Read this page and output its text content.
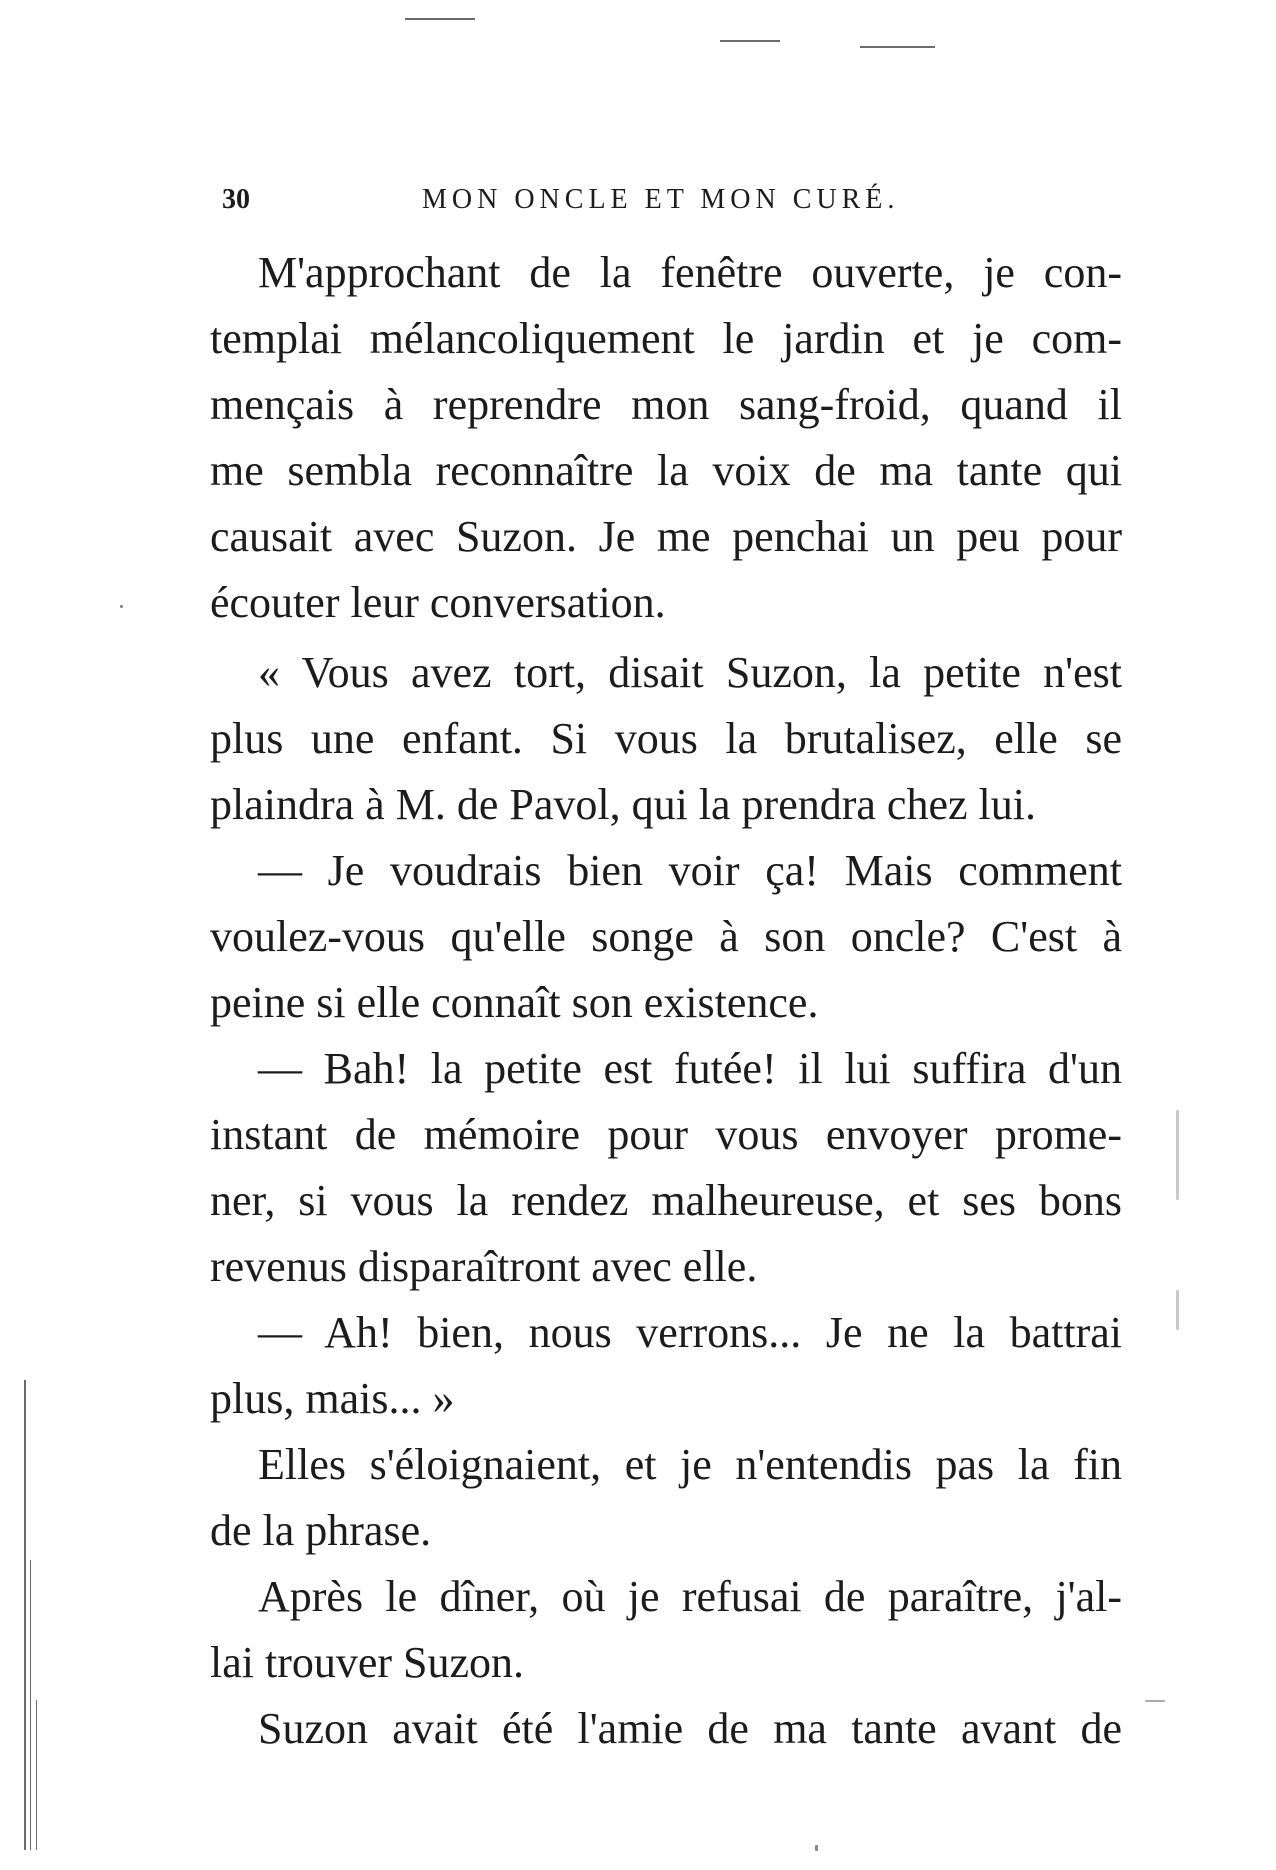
30	MON ONCLE ET MON CURÉ.
M'approchant de la fenêtre ouverte, je con-
templai mélancoliquement le jardin et je com-
mençais à reprendre mon sang-froid, quand il
me sembla reconnaître la voix de ma tante qui
causait avec Suzon. Je me penchai un peu pour
écouter leur conversation.
« Vous avez tort, disait Suzon, la petite n'est
plus une enfant. Si vous la brutalisez, elle se
plaindra à M. de Pavol, qui la prendra chez lui.
— Je voudrais bien voir ça! Mais comment
voulez-vous qu'elle songe à son oncle? C'est à
peine si elle connaît son existence.
— Bah! la petite est futée! il lui suffira d'un
instant de mémoire pour vous envoyer prome-
ner, si vous la rendez malheureuse, et ses bons
revenus disparaîtront avec elle.
— Ah! bien, nous verrons... Je ne la battrai
plus, mais... »
Elles s'éloignaient, et je n'entendis pas la fin
de la phrase.
Après le dîner, où je refusai de paraître, j'al-
lai trouver Suzon.
Suzon avait été l'amie de ma tante avant de
